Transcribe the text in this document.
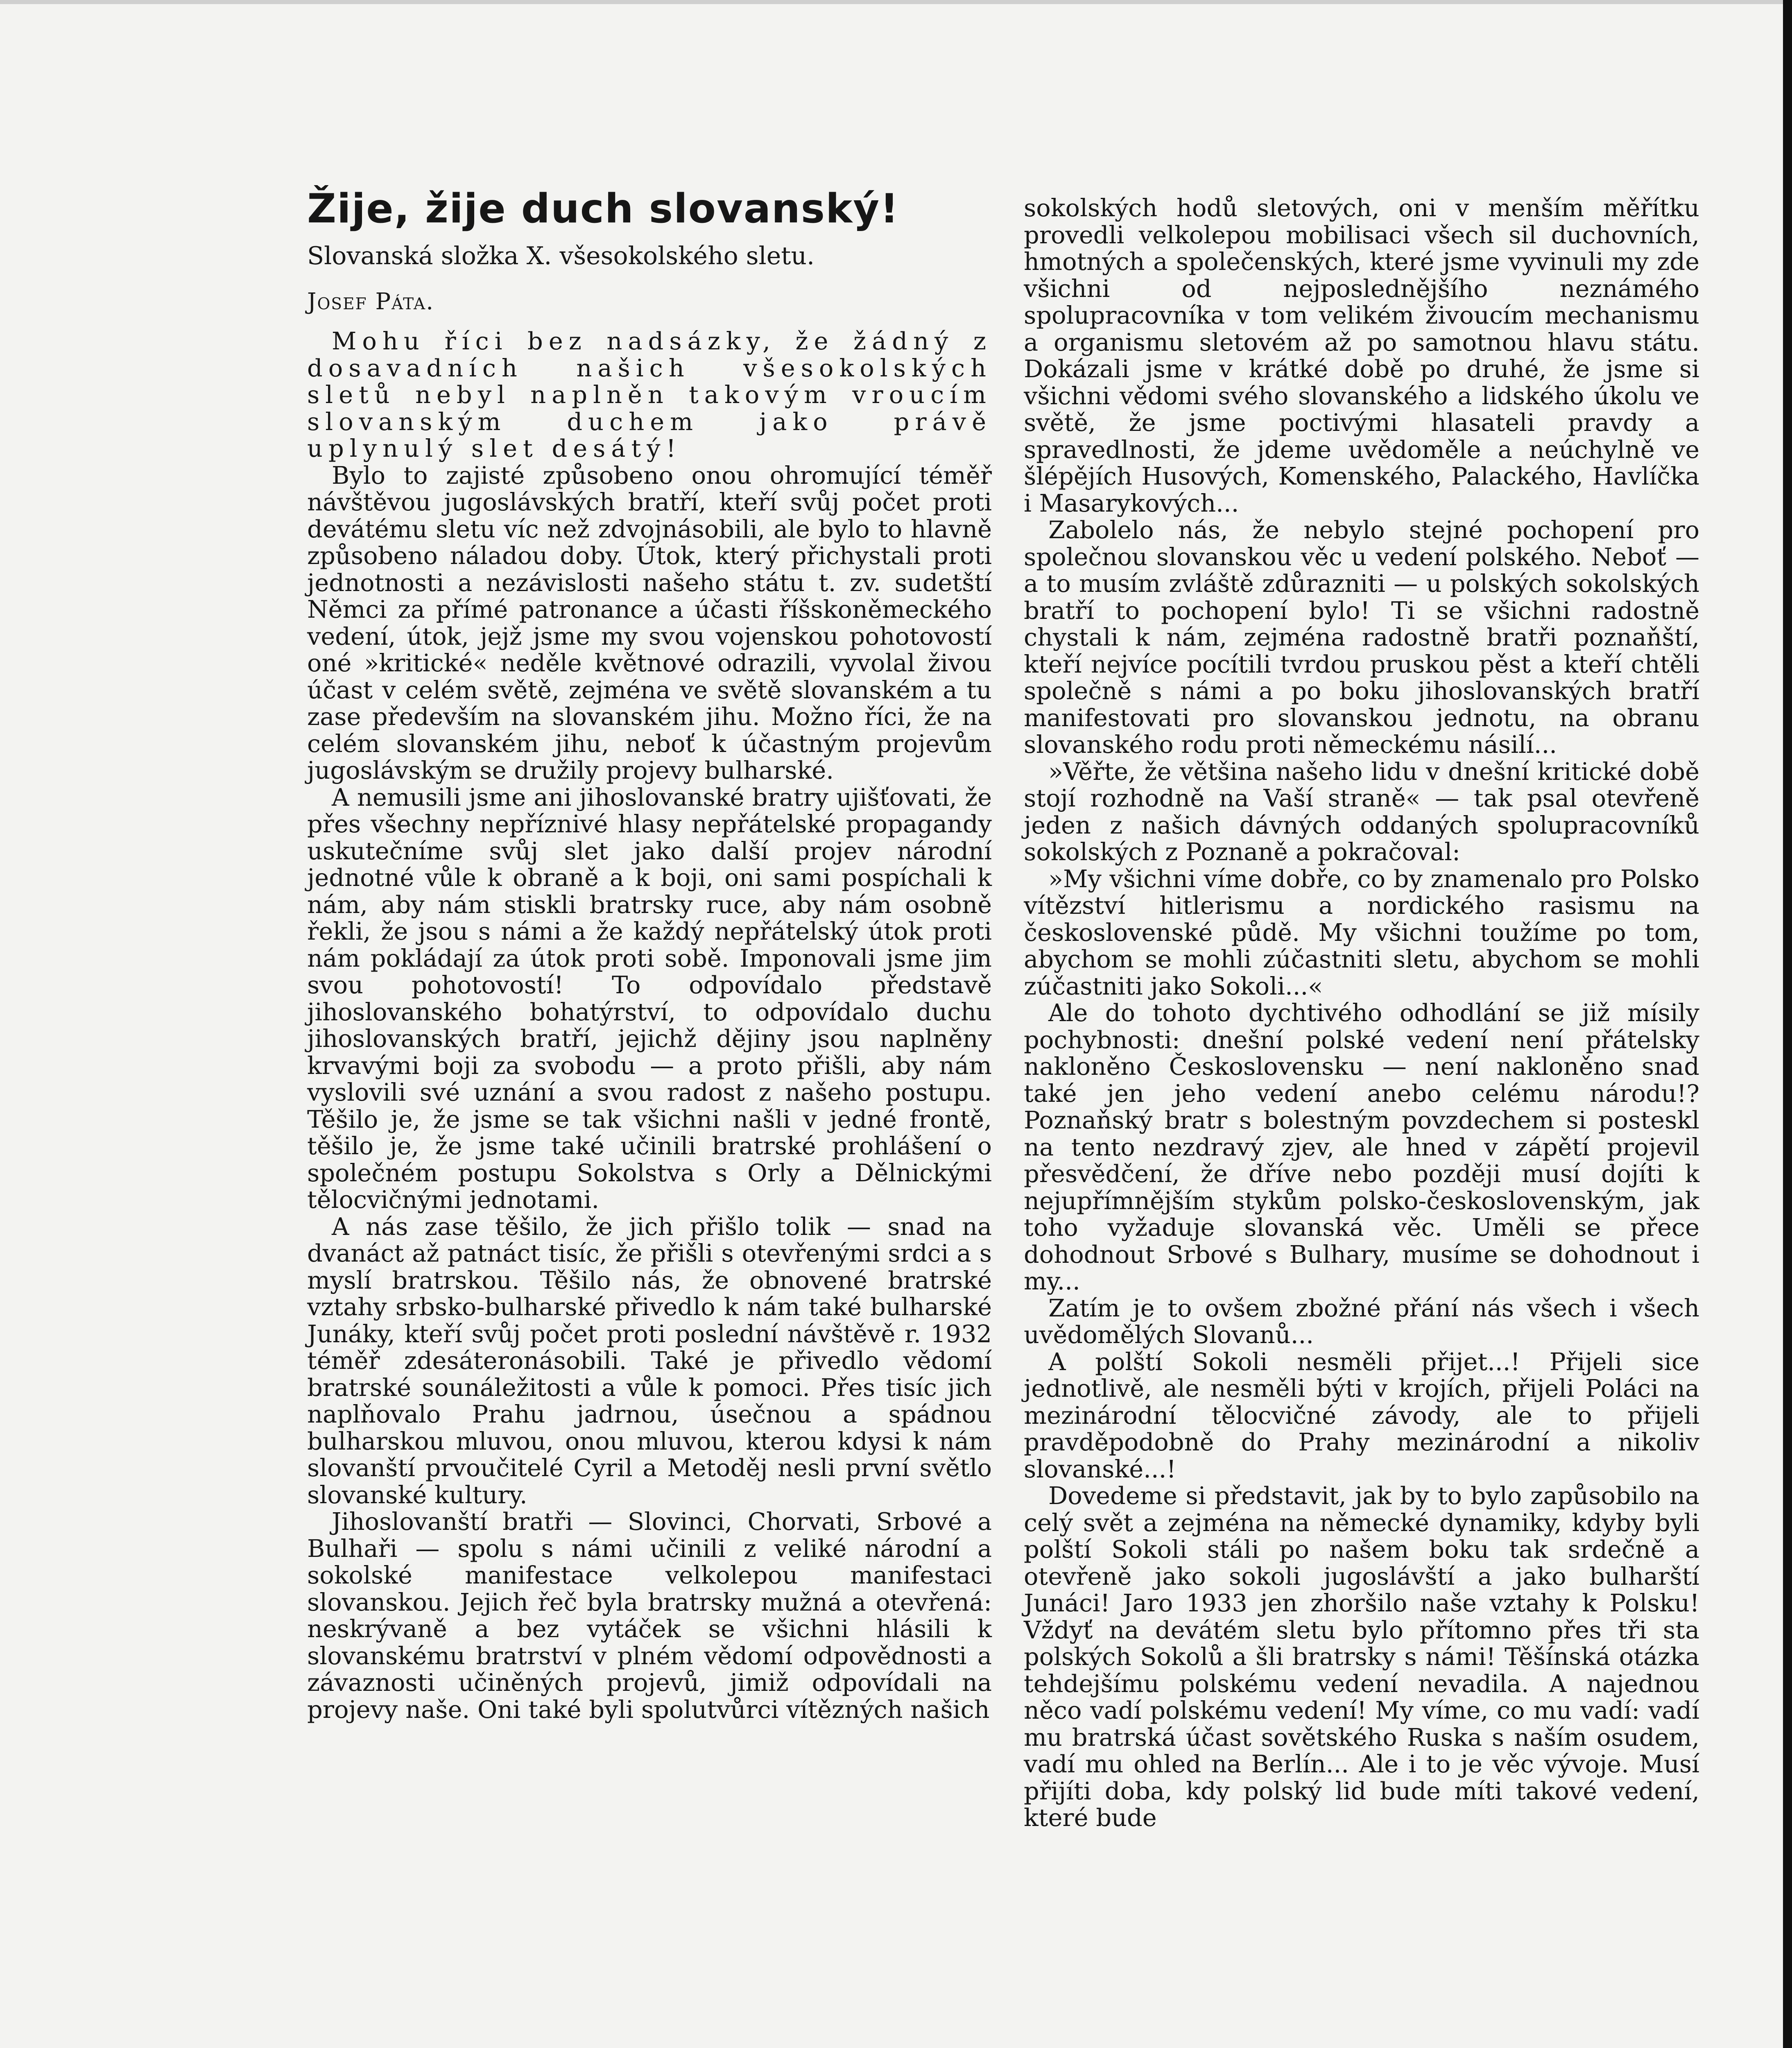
Žije, žije duch slovanský!
Slovanská složka X. všesokolského sletu.
Josef Páta.

Mohu říci bez nadsázky, že žádný z dosavadních našich všesokolských sletů nebyl naplněn takovým vroucím slovanským duchem jako právě uplynulý slet desátý!

Bylo to zajisté způsobeno onou ohromující téměř návštěvou jugoslávských bratří, kteří svůj počet proti devátému sletu víc než zdvojnásobili, ale bylo to hlavně způsobeno náladou doby. Útok, který přichystali proti jednotnosti a nezávislosti našeho státu t. zv. sudetští Němci za přímé patronance a účasti říšskoněmeckého vedení, útok, jejž jsme my svou vojenskou pohotovostí oné »kritické« neděle květnové odrazili, vyvolal živou účast v celém světě, zejména ve světě slovanském a tu zase především na slovanském jihu. Možno říci, že na celém slovanském jihu, neboť k účastným projevům jugoslávským se družily projevy bulharské.

A nemusili jsme ani jihoslovanské bratry ujišťovati, že přes všechny nepříznivé hlasy nepřátelské propagandy uskutečníme svůj slet jako další projev národní jednotné vůle k obraně a k boji, oni sami pospíchali k nám, aby nám stiskli bratrsky ruce, aby nám osobně řekli, že jsou s námi a že každý nepřátelský útok proti nám pokládají za útok proti sobě. Imponovali jsme jim svou pohotovostí! To odpovídalo představě jihoslovanského bohatýrství, to odpovídalo duchu jihoslovanských bratří, jejichž dějiny jsou naplněny krvavými boji za svobodu — a proto přišli, aby nám vyslovili své uznání a svou radost z našeho postupu. Těšilo je, že jsme se tak všichni našli v jedné frontě, těšilo je, že jsme také učinili bratrské prohlášení o společném postupu Sokolstva s Orly a Dělnickými tělocvičnými jednotami.

A nás zase těšilo, že jich přišlo tolik — snad na dvanáct až patnáct tisíc, že přišli s otevřenými srdci a s myslí bratrskou. Těšilo nás, že obnovené bratrské vztahy srbsko-bulharské přivedlo k nám také bulharské Junáky, kteří svůj počet proti poslední návštěvě r. 1932 téměř zdesáteronásobili. Také je přivedlo vědomí bratrské sounáležitosti a vůle k pomoci. Přes tisíc jich naplňovalo Prahu jadrnou, úsečnou a spádnou bulharskou mluvou, onou mluvou, kterou kdysi k nám slovanští prvoučitelé Cyril a Metoděj nesli první světlo slovanské kultury.

Jihoslovanští bratři — Slovinci, Chorvati, Srbové a Bulhaři — spolu s námi učinili z veliké národní a sokolské manifestace velkolepou manifestaci slovanskou. Jejich řeč byla bratrsky mužná a otevřená: neskrývaně a bez vytáček se všichni hlásili k slovanskému bratrství v plném vědomí odpovědnosti a závaznosti učiněných projevů, jimiž odpovídali na projevy naše. Oni také byli spolutvůrci vítězných našich

sokolských hodů sletových, oni v menším měřítku provedli velkolepou mobilisaci všech sil duchovních, hmotných a společenských, které jsme vyvinuli my zde všichni od nejposlednějšího neznámého spolupracovníka v tom velikém živoucím mechanismu a organismu sletovém až po samotnou hlavu státu. Dokázali jsme v krátké době po druhé, že jsme si všichni vědomi svého slovanského a lidského úkolu ve světě, že jsme poctivými hlasateli pravdy a spravedlnosti, že jdeme uvědoměle a neúchylně ve šlépějích Husových, Komenského, Palackého, Havlíčka i Masarykových...

Zabolelo nás, že nebylo stejné pochopení pro společnou slovanskou věc u vedení polského. Neboť — a to musím zvláště zdůrazniti — u polských sokolských bratří to pochopení bylo! Ti se všichni radostně chystali k nám, zejména radostně bratři poznaňští, kteří nejvíce pocítili tvrdou pruskou pěst a kteří chtěli společně s námi a po boku jihoslovanských bratří manifestovati pro slovanskou jednotu, na obranu slovanského rodu proti německému násilí...

»Věřte, že většina našeho lidu v dnešní kritické době stojí rozhodně na Vaší straně« — tak psal otevřeně jeden z našich dávných oddaných spolupracovníků sokolských z Poznaně a pokračoval:

»My všichni víme dobře, co by znamenalo pro Polsko vítězství hitlerismu a nordického rasismu na československé půdě. My všichni toužíme po tom, abychom se mohli zúčastniti sletu, abychom se mohli zúčastniti jako Sokoli...«

Ale do tohoto dychtivého odhodlání se již mísily pochybnosti: dnešní polské vedení není přátelsky nakloněno Československu — není nakloněno snad také jen jeho vedení anebo celému národu!? Poznaňský bratr s bolestným povzdechem si posteskl na tento nezdravý zjev, ale hned v zápětí projevil přesvědčení, že dříve nebo později musí dojíti k nejupřímnějším stykům polsko-československým, jak toho vyžaduje slovanská věc. Uměli se přece dohodnout Srbové s Bulhary, musíme se dohodnout i my...

Zatím je to ovšem zbožné přání nás všech i všech uvědomělých Slovanů...

A polští Sokoli nesměli přijet...! Přijeli sice jednotlivě, ale nesměli býti v krojích, přijeli Poláci na mezinárodní tělocvičné závody, ale to přijeli pravděpodobně do Prahy mezinárodní a nikoliv slovanské...!

Dovedeme si představit, jak by to bylo zapůsobilo na celý svět a zejména na německé dynamiky, kdyby byli polští Sokoli stáli po našem boku tak srdečně a otevřeně jako sokoli jugoslávští a jako bulharští Junáci! Jaro 1933 jen zhoršilo naše vztahy k Polsku! Vždyť na devátém sletu bylo přítomno přes tři sta polských Sokolů a šli bratrsky s námi! Těšínská otázka tehdejšímu polskému vedení nevadila. A najednou něco vadí polskému vedení! My víme, co mu vadí: vadí mu bratrská účast sovětského Ruska s naším osudem, vadí mu ohled na Berlín... Ale i to je věc vývoje. Musí přijíti doba, kdy polský lid bude míti takové vedení, které bude
